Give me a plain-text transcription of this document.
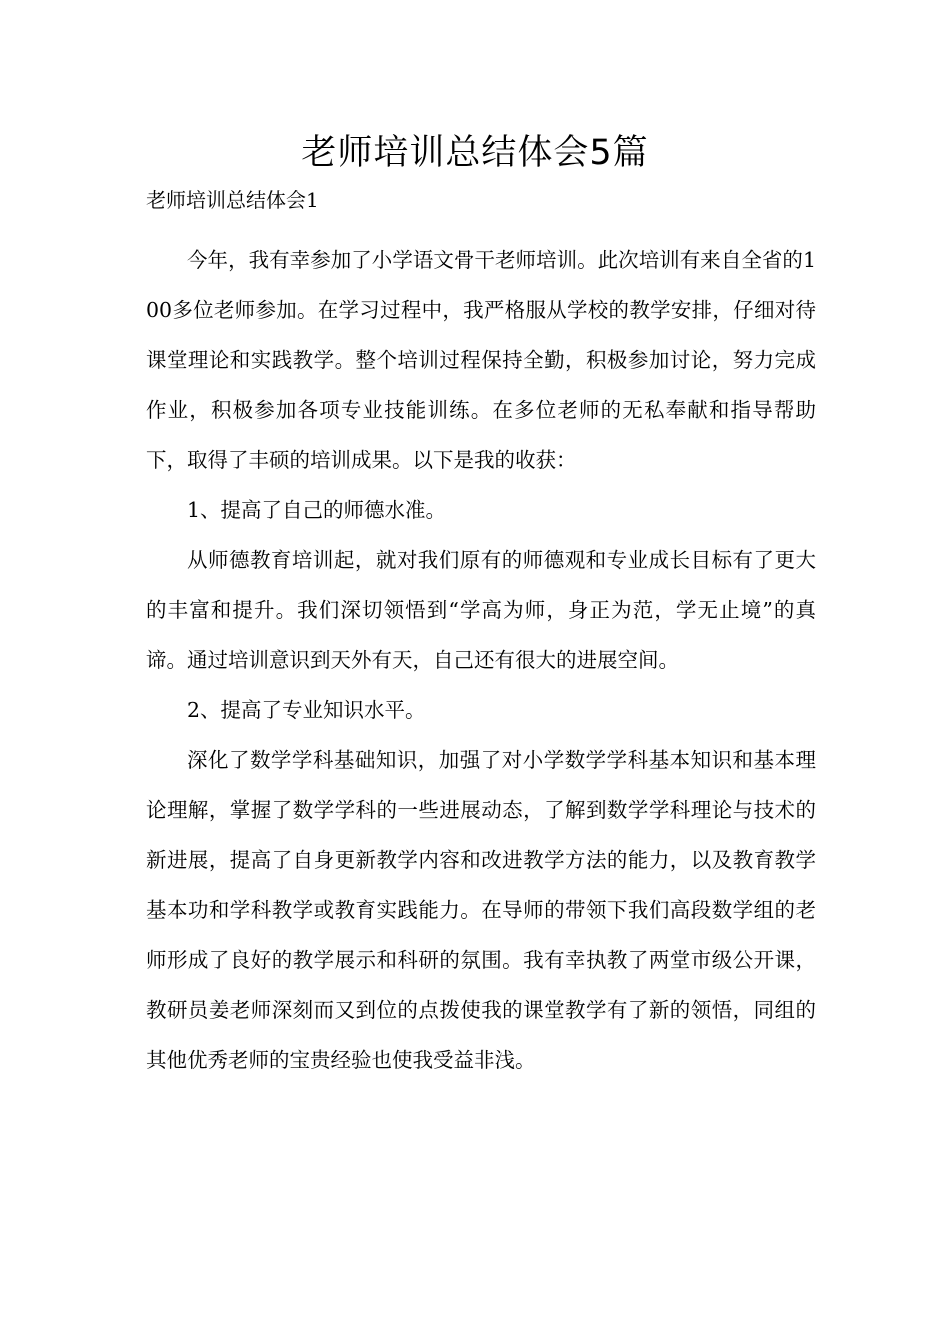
老师培训总结体会5篇
老师培训总结体会1

今年，我有幸参加了小学语文骨干老师培训。此次培训有来自全省的100多位老师参加。在学习过程中，我严格服从学校的教学安排，仔细对待课堂理论和实践教学。整个培训过程保持全勤，积极参加讨论，努力完成作业，积极参加各项专业技能训练。在多位老师的无私奉献和指导帮助下，取得了丰硕的培训成果。以下是我的收获：

1、提高了自己的师德水准。

从师德教育培训起，就对我们原有的师德观和专业成长目标有了更大的丰富和提升。我们深切领悟到“学高为师，身正为范，学无止境”的真谛。通过培训意识到天外有天，自己还有很大的进展空间。

2、提高了专业知识水平。

深化了数学学科基础知识，加强了对小学数学学科基本知识和基本理论理解，掌握了数学学科的一些进展动态，了解到数学学科理论与技术的新进展，提高了自身更新教学内容和改进教学方法的能力，以及教育教学基本功和学科教学或教育实践能力。在导师的带领下我们高段数学组的老师形成了良好的教学展示和科研的氛围。我有幸执教了两堂市级公开课，教研员姜老师深刻而又到位的点拨使我的课堂教学有了新的领悟，同组的其他优秀老师的宝贵经验也使我受益非浅。
